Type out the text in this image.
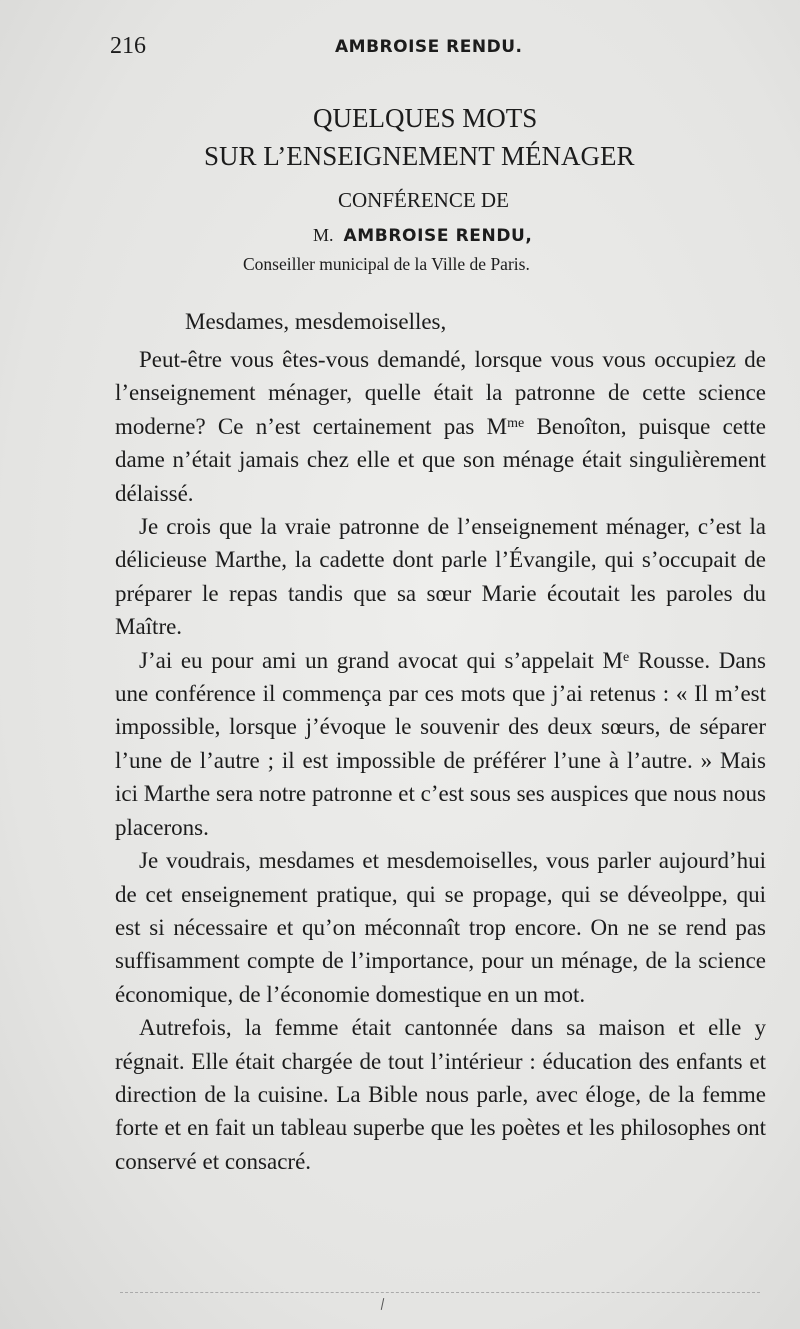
216	AMBROISE RENDU.
QUELQUES MOTS
SUR L’ENSEIGNEMENT MÉNAGER
CONFÉRENCE DE
M. AMBROISE RENDU,
Conseiller municipal de la Ville de Paris.
Mesdames, mesdemoiselles,

Peut-être vous êtes-vous demandé, lorsque vous vous occupiez de l’enseignement ménager, quelle était la patronne de cette science moderne? Ce n’est certainement pas $M^{me}$ Benoîton, puisque cette dame n’était jamais chez elle et que son ménage était singulièrement délaissé.

Je crois que la vraie patronne de l’enseignement ménager, c’est la délicieuse Marthe, la cadette dont parle l’Évangile, qui s’occupait de préparer le repas tandis que sa sœur Marie écoutait les paroles du Maître.

J’ai eu pour ami un grand avocat qui s’appelait Me Rousse. Dans une conférence il commença par ces mots que j’ai retenus : « Il m’est impossible, lorsque j’évoque le souvenir des deux sœurs, de séparer l’une de l’autre ; il est impossible de préférer l’une à l’autre. » Mais ici Marthe sera notre patronne et c’est sous ses auspices que nous nous placerons.

Je voudrais, mesdames et mesdemoiselles, vous parler aujourd’hui de cet enseignement pratique, qui se propage, qui se déveolppe, qui est si nécessaire et qu’on méconnaît trop encore. On ne se rend pas suffisamment compte de l’importance, pour un ménage, de la science économique, de l’économie domestique en un mot.

Autrefois, la femme était cantonnée dans sa maison et elle y régnait. Elle était chargée de tout l’intérieur : éducation des enfants et direction de la cuisine. La Bible nous parle, avec éloge, de la femme forte et en fait un tableau superbe que les poètes et les philosophes ont conservé et consacré.
